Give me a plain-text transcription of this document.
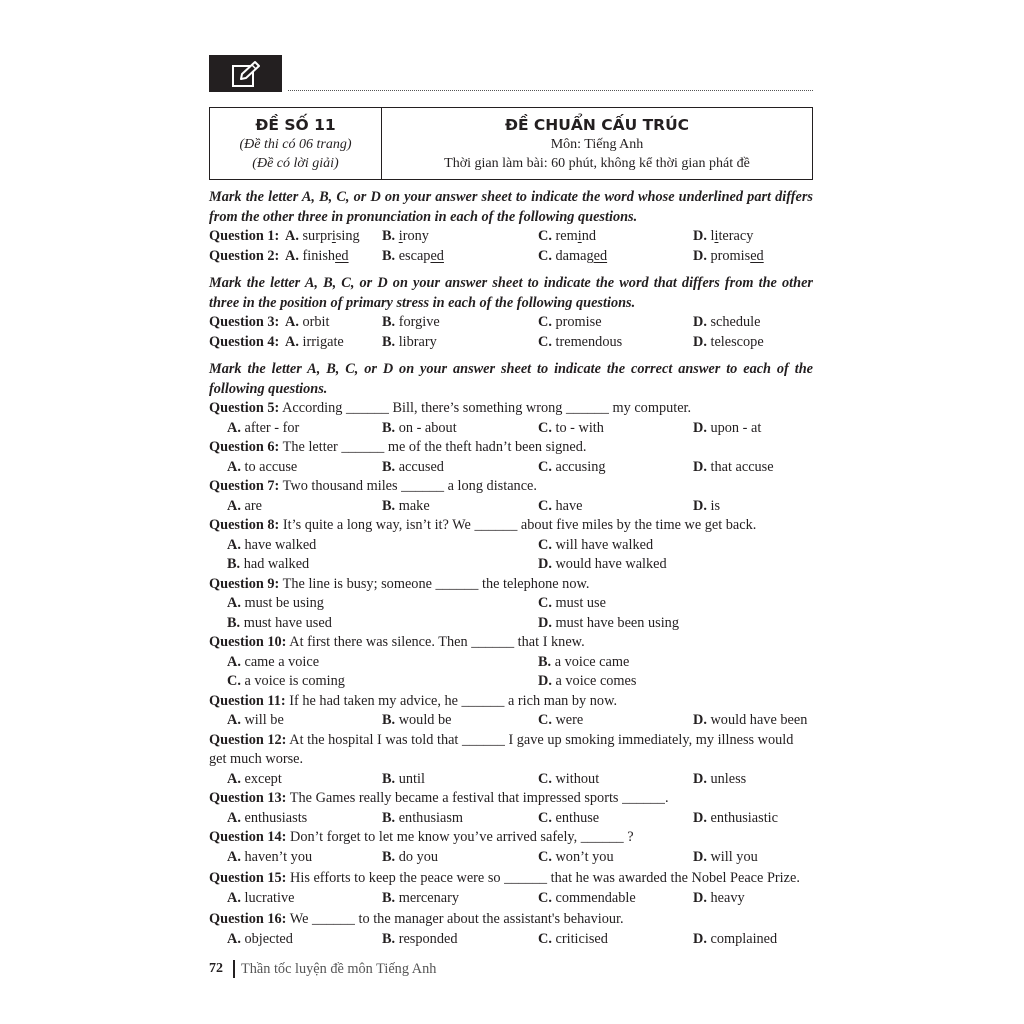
ĐỀ SỐ 11
(Đề thi có 06 trang)
(Đề có lời giải)
ĐỀ CHUẨN CẤU TRÚC
Môn: Tiếng Anh
Thời gian làm bài: 60 phút, không kể thời gian phát đề
Mark the letter A, B, C, or D on your answer sheet to indicate the word whose underlined part differs from the other three in pronunciation in each of the following questions.
Question 1: A. surprising B. irony	C. remind	D. literacy
Question 2: A. finished B. escaped	C. damaged	D. promised
Mark the letter A, B, C, or D on your answer sheet to indicate the word that differs from the other three in the position of primary stress in each of the following questions.
Question 3: A. orbit	B. forgive	C. promise	D. schedule
Question 4: A. irrigate	B. library	C. tremendous	D. telescope
Mark the letter A, B, C, or D on your answer sheet to indicate the correct answer to each of the following questions.
Question 5: According ______ Bill, there’s something wrong ______ my computer.
A. after - for	B. on - about	C. to - with	D. upon - at
Question 6: The letter ______ me of the theft hadn’t been signed.
A. to accuse	B. accused	C. accusing	D. that accuse
Question 7: Two thousand miles ______ a long distance.
A. are	B. make	C. have	D. is
Question 8: It’s quite a long way, isn’t it? We ______ about five miles by the time we get back.
A. have walked	C. will have walked
B. had walked	D. would have walked
Question 9: The line is busy; someone ______ the telephone now.
A. must be using	C. must use
B. must have used	D. must have been using
Question 10: At first there was silence. Then ______ that I knew.
A. came a voice	B. a voice came
C. a voice is coming	D. a voice comes
Question 11: If he had taken my advice, he ______ a rich man by now.
A. will be	B. would be	C. were	D. would have been
Question 12: At the hospital I was told that ______ I gave up smoking immediately, my illness would
get much worse.
A. except	B. until	C. without	D. unless
Question 13: The Games really became a festival that impressed sports ______.
A. enthusiasts	B. enthusiasm	C. enthuse	D. enthusiastic
Question 14: Don’t forget to let me know you’ve arrived safely, ______ ?
A. haven’t you	B. do you	C. won’t you	D. will you
Question 15: His efforts to keep the peace were so ______ that he was awarded the Nobel Peace Prize.
A. lucrative	B. mercenary	C. commendable	D. heavy
Question 16: We ______ to the manager about the assistant's behaviour.
A. objected	B. responded	C. criticised	D. complained
72 Thần tốc luyện đề môn Tiếng Anh
